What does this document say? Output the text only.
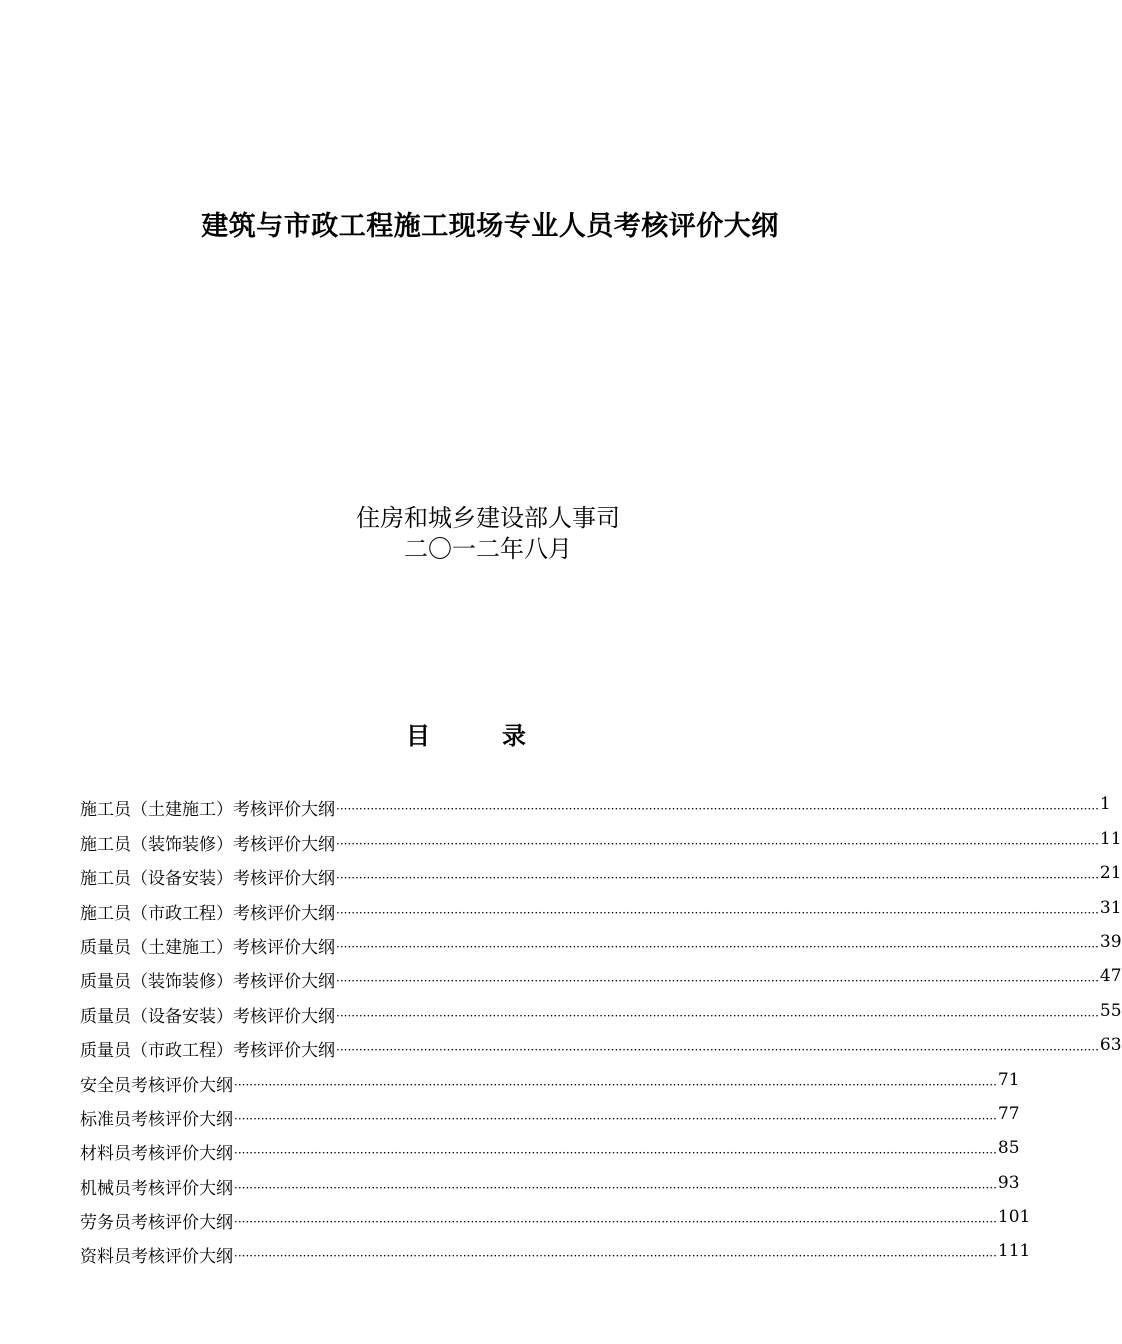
建筑与市政工程施工现场专业人员考核评价大纲
住房和城乡建设部人事司
二〇一二年八月
目录
施工员（土建施工）考核评价大纲 ········································································································································································································ 1
施工员（装饰装修）考核评价大纲 ········································································································································································································ 11
施工员（设备安装）考核评价大纲 ········································································································································································································ 21
施工员（市政工程）考核评价大纲 ········································································································································································································ 31
质量员（土建施工）考核评价大纲 ········································································································································································································ 39
质量员（装饰装修）考核评价大纲 ········································································································································································································ 47
质量员（设备安装）考核评价大纲 ········································································································································································································ 55
质量员（市政工程）考核评价大纲 ········································································································································································································ 63
安全员考核评价大纲 ········································································································································································································ 71
标准员考核评价大纲 ········································································································································································································ 77
材料员考核评价大纲 ········································································································································································································ 85
机械员考核评价大纲 ········································································································································································································ 93
劳务员考核评价大纲 ········································································································································································································ 101
资料员考核评价大纲 ········································································································································································································ 111
